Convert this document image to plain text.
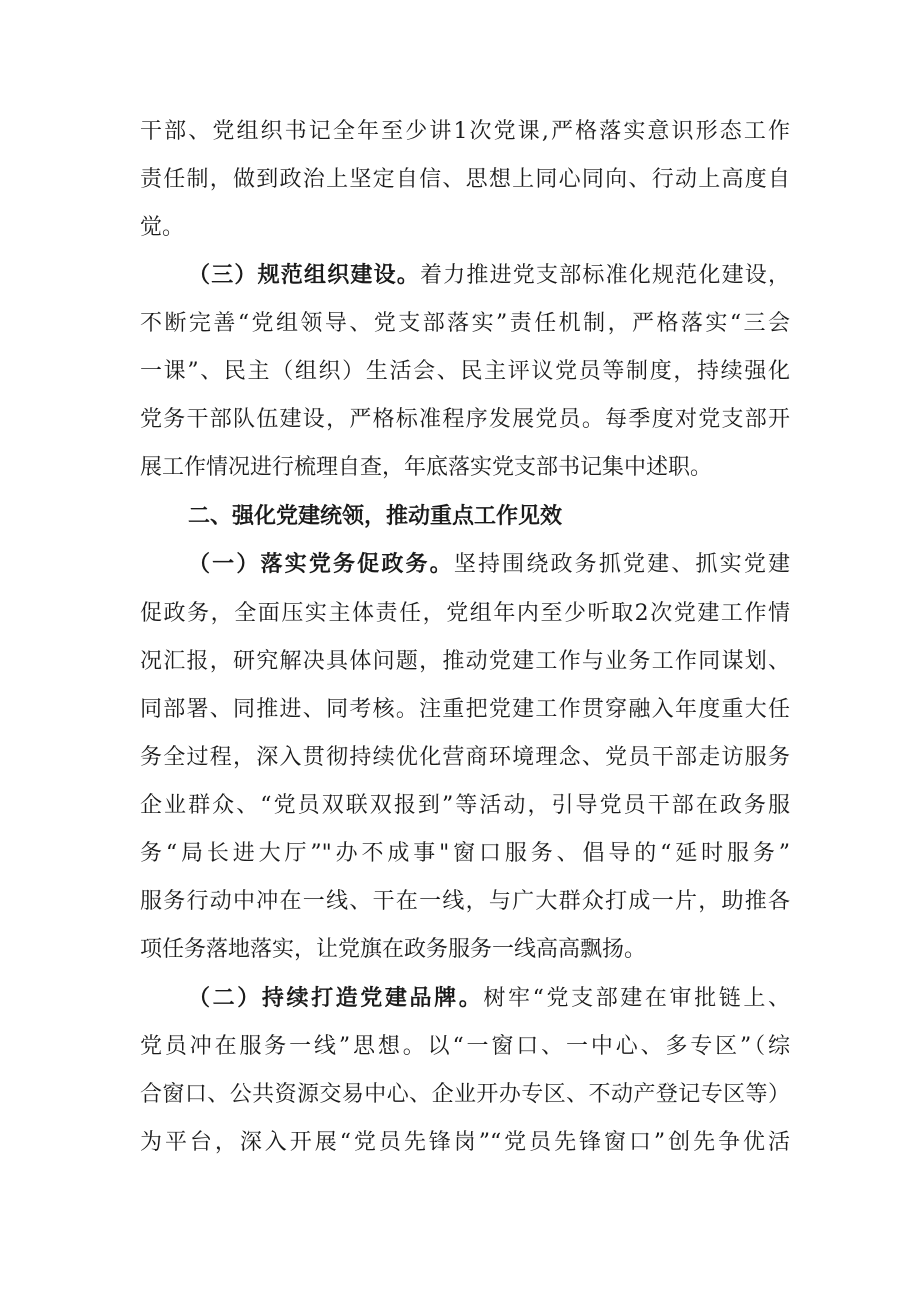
干部、党组织书记全年至少讲1次党课,严格落实意识形态工作
责任制，做到政治上坚定自信、思想上同心同向、行动上高度自
觉。
（三）规范组织建设。着力推进党支部标准化规范化建设，
不断完善“党组领导、党支部落实”责任机制，严格落实“三会
一课”、民主（组织）生活会、民主评议党员等制度，持续强化
党务干部队伍建设，严格标准程序发展党员。每季度对党支部开
展工作情况进行梳理自查，年底落实党支部书记集中述职。
二、强化党建统领，推动重点工作见效
（一）落实党务促政务。坚持围绕政务抓党建、抓实党建
促政务，全面压实主体责任，党组年内至少听取2次党建工作情
况汇报，研究解决具体问题，推动党建工作与业务工作同谋划、
同部署、同推进、同考核。注重把党建工作贯穿融入年度重大任
务全过程，深入贯彻持续优化营商环境理念、党员干部走访服务
企业群众、“党员双联双报到”等活动，引导党员干部在政务服
务“局长进大厅”"办不成事"窗口服务、倡导的“延时服务”
服务行动中冲在一线、干在一线，与广大群众打成一片，助推各
项任务落地落实，让党旗在政务服务一线高高飘扬。
（二）持续打造党建品牌。树牢“党支部建在审批链上、
党员冲在服务一线”思想。以“一窗口、一中心、多专区”（综
合窗口、公共资源交易中心、企业开办专区、不动产登记专区等）
为平台，深入开展“党员先锋岗”“党员先锋窗口”创先争优活
